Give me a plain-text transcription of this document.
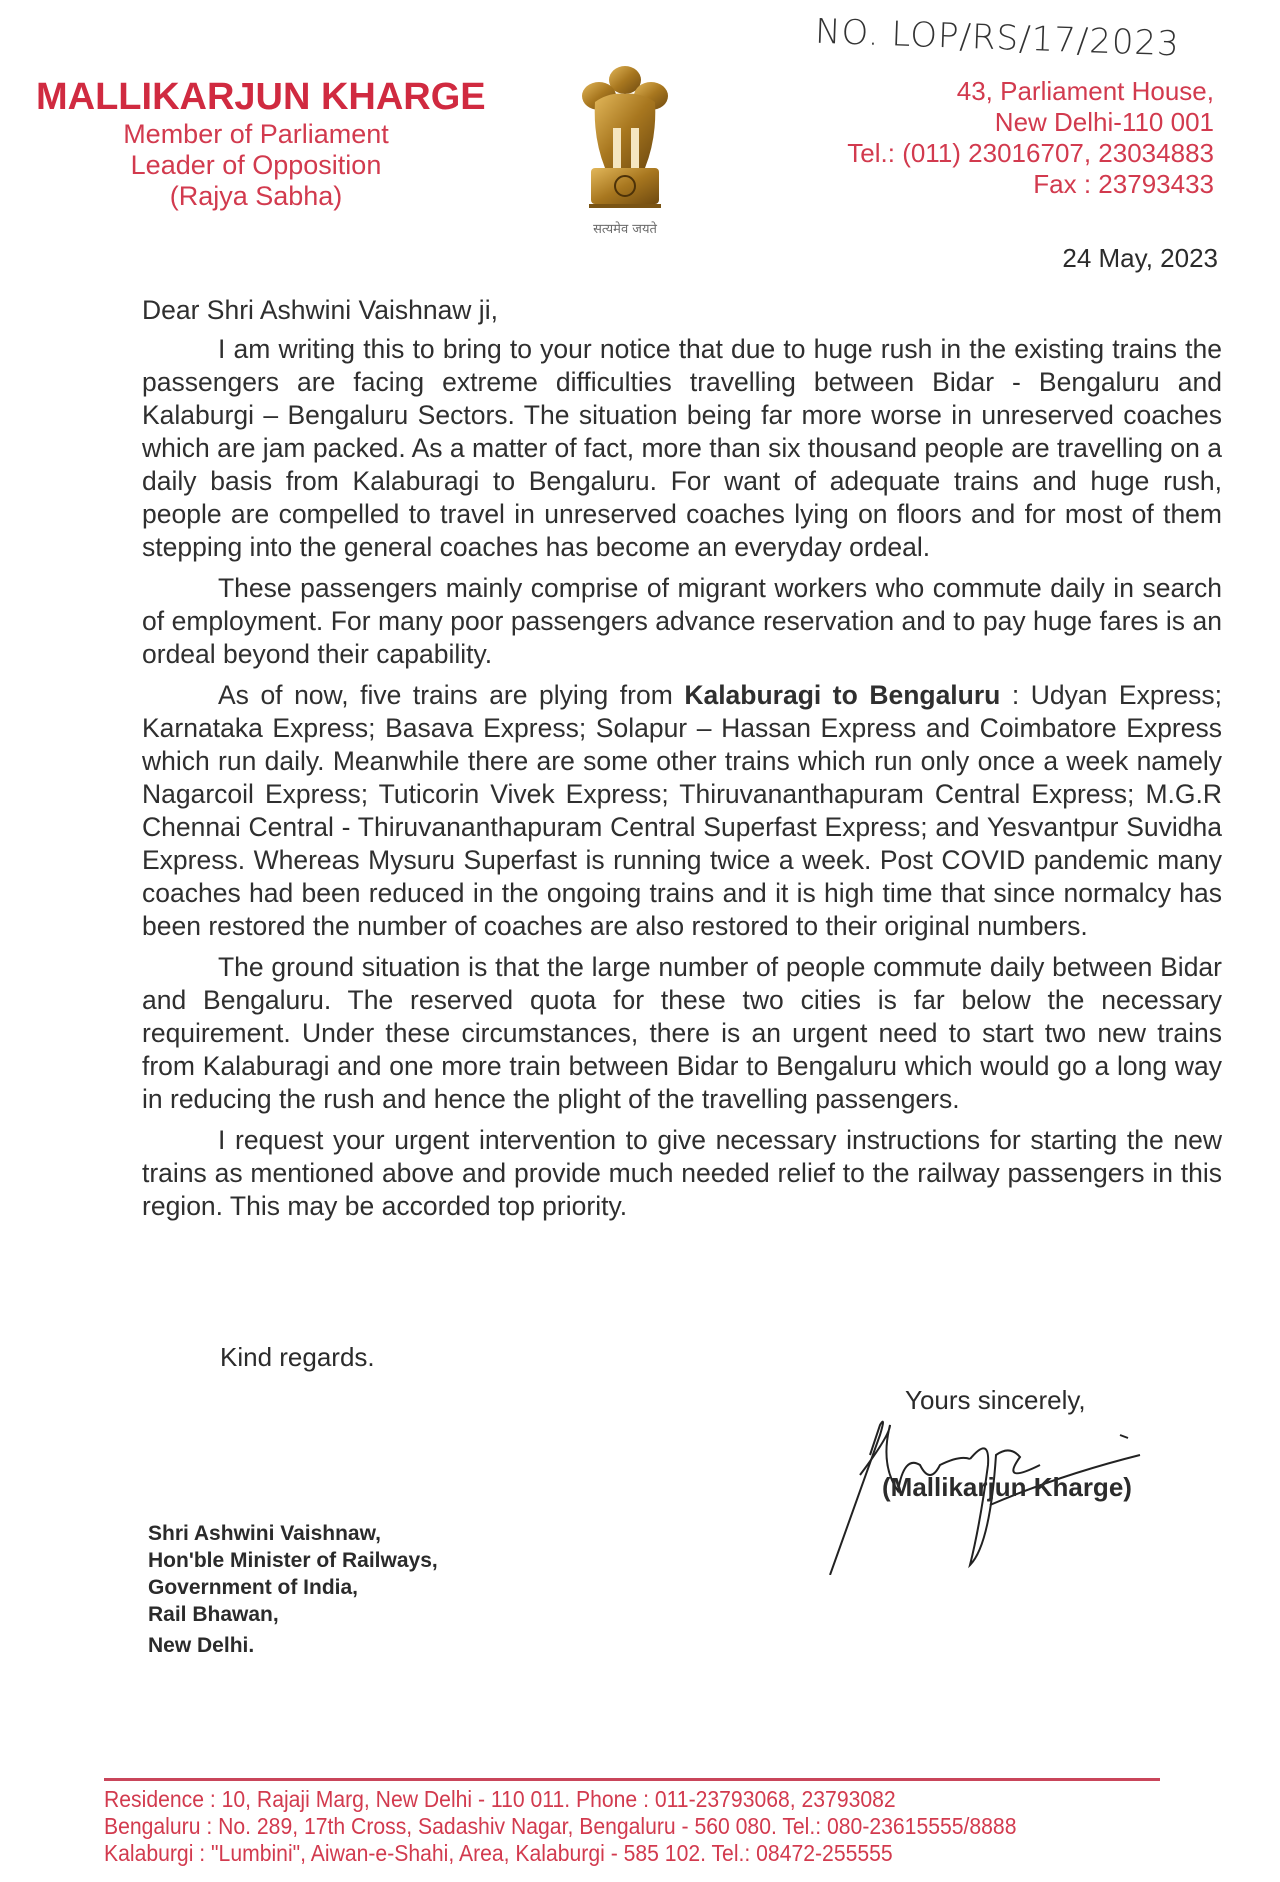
MALLIKARJUN KHARGE
Member of Parliament
Leader of Opposition
(Rajya Sabha)
सत्यमेव जयते
NO. LOP/RS/17/2023
43, Parliament House,
New Delhi-110 001
Tel.: (011) 23016707, 23034883
Fax : 23793433
24 May, 2023
Dear Shri Ashwini Vaishnaw ji,

I am writing this to bring to your notice that due to huge rush in the existing trains the passengers are facing extreme difficulties travelling between Bidar - Bengaluru and Kalaburgi – Bengaluru Sectors. The situation being far more worse in unreserved coaches which are jam packed. As a matter of fact, more than six thousand people are travelling on a daily basis from Kalaburagi to Bengaluru. For want of adequate trains and huge rush, people are compelled to travel in unreserved coaches lying on floors and for most of them stepping into the general coaches has become an everyday ordeal.

These passengers mainly comprise of migrant workers who commute daily in search of employment. For many poor passengers advance reservation and to pay huge fares is an ordeal beyond their capability.

As of now, five trains are plying from Kalaburagi to Bengaluru : Udyan Express; Karnataka Express; Basava Express; Solapur – Hassan Express and Coimbatore Express which run daily. Meanwhile there are some other trains which run only once a week namely Nagarcoil Express; Tuticorin Vivek Express; Thiruvananthapuram Central Express; M.G.R Chennai Central - Thiruvananthapuram Central Superfast Express; and Yesvantpur Suvidha Express. Whereas Mysuru Superfast is running twice a week. Post COVID pandemic many coaches had been reduced in the ongoing trains and it is high time that since normalcy has been restored the number of coaches are also restored to their original numbers.

The ground situation is that the large number of people commute daily between Bidar and Bengaluru. The reserved quota for these two cities is far below the necessary requirement. Under these circumstances, there is an urgent need to start two new trains from Kalaburagi and one more train between Bidar to Bengaluru which would go a long way in reducing the rush and hence the plight of the travelling passengers.

I request your urgent intervention to give necessary instructions for starting the new trains as mentioned above and provide much needed relief to the railway passengers in this region. This may be accorded top priority.

Kind regards.
Yours sincerely,
(Mallikarjun Kharge)
Shri Ashwini Vaishnaw,
Hon'ble Minister of Railways,
Government of India,
Rail Bhawan,
New Delhi.
Residence : 10, Rajaji Marg, New Delhi - 110 011. Phone : 011-23793068, 23793082
Bengaluru : No. 289, 17th Cross, Sadashiv Nagar, Bengaluru - 560 080. Tel.: 080-23615555/8888
Kalaburgi : "Lumbini", Aiwan-e-Shahi, Area, Kalaburgi - 585 102. Tel.: 08472-255555
